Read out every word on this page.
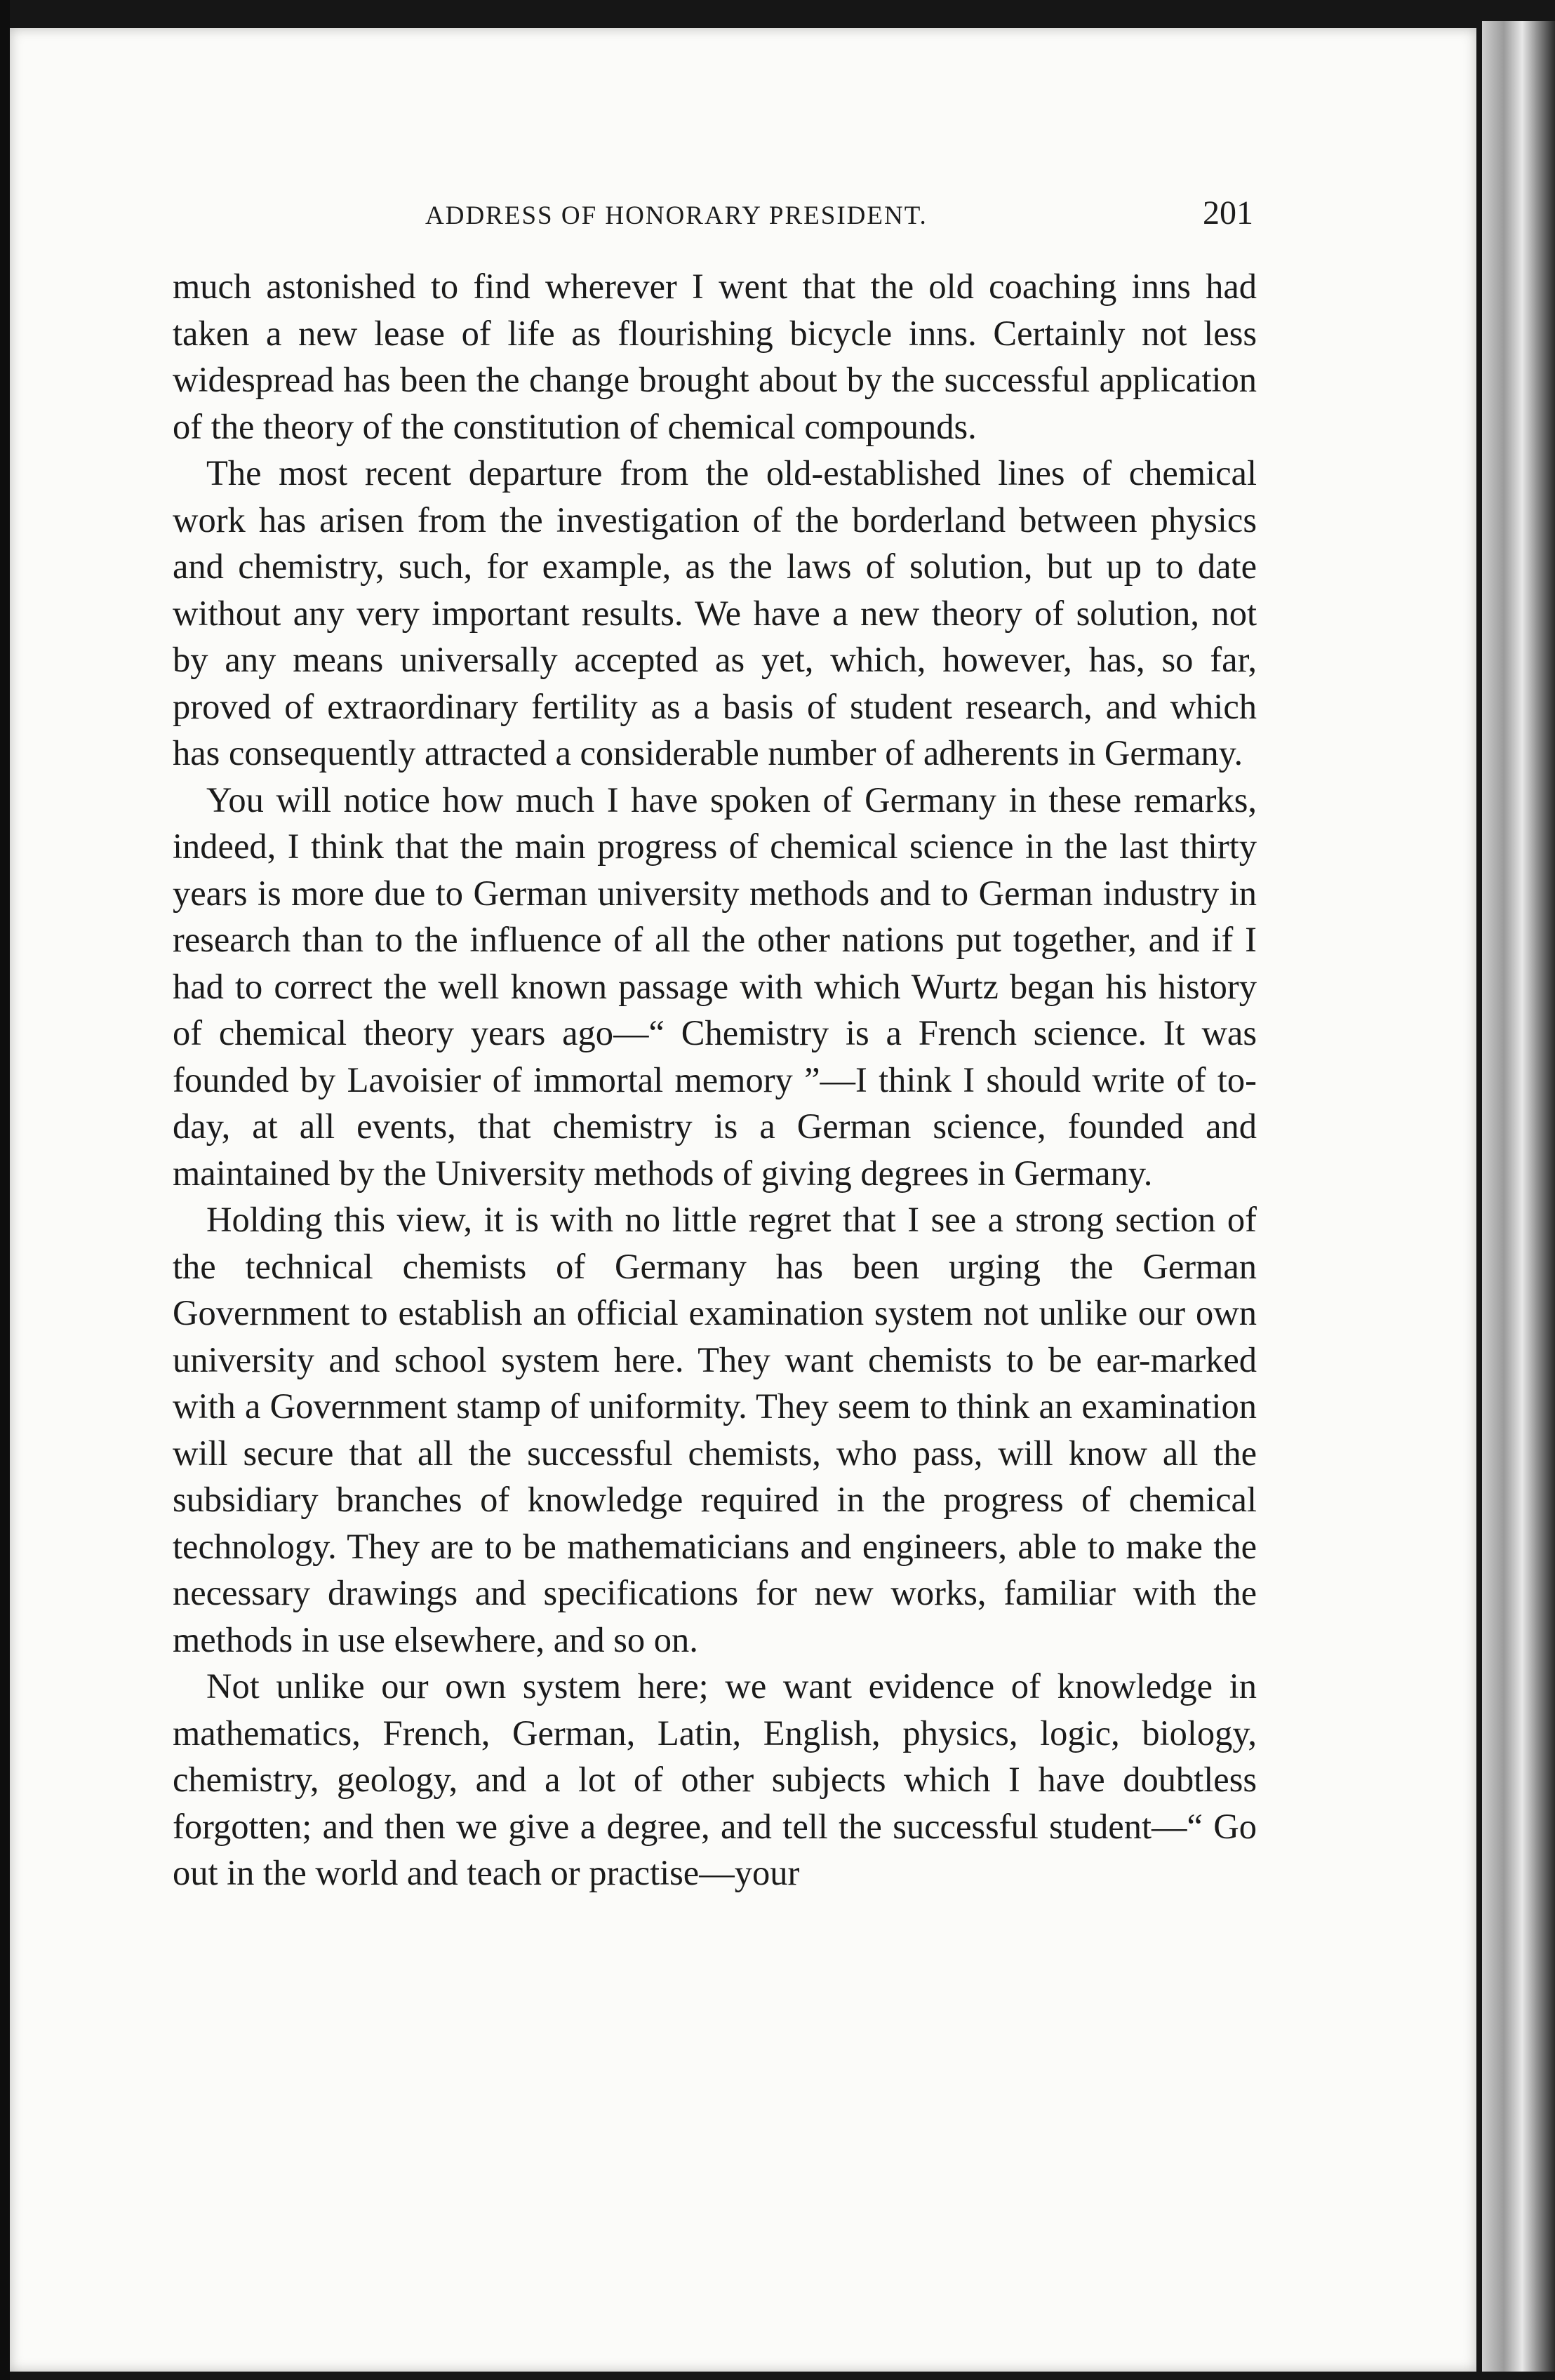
ADDRESS OF HONORARY PRESIDENT.	201

much astonished to find wherever I went that the old coaching inns had taken a new lease of life as flourishing bicycle inns. Certainly not less widespread has been the change brought about by the successful application of the theory of the constitution of chemical compounds.

The most recent departure from the old-established lines of chemical work has arisen from the investigation of the borderland between physics and chemistry, such, for example, as the laws of solution, but up to date without any very important results. We have a new theory of solution, not by any means universally accepted as yet, which, however, has, so far, proved of extraordinary fertility as a basis of student research, and which has consequently attracted a considerable number of adherents in Germany.

You will notice how much I have spoken of Germany in these remarks, indeed, I think that the main progress of chemical science in the last thirty years is more due to German university methods and to German industry in research than to the influence of all the other nations put together, and if I had to correct the well known passage with which Wurtz began his history of chemical theory years ago—“ Chemistry is a French science. It was founded by Lavoisier of immortal memory ”—I think I should write of to-day, at all events, that chemistry is a German science, founded and maintained by the University methods of giving degrees in Germany.

Holding this view, it is with no little regret that I see a strong section of the technical chemists of Germany has been urging the German Government to establish an official examination system not unlike our own university and school system here. They want chemists to be ear-marked with a Government stamp of uniformity. They seem to think an examination will secure that all the successful chemists, who pass, will know all the subsidiary branches of knowledge required in the progress of chemical technology. They are to be mathematicians and engineers, able to make the necessary drawings and specifications for new works, familiar with the methods in use elsewhere, and so on.

Not unlike our own system here; we want evidence of knowledge in mathematics, French, German, Latin, English, physics, logic, biology, chemistry, geology, and a lot of other subjects which I have doubtless forgotten; and then we give a degree, and tell the successful student—“ Go out in the world and teach or practise—your
